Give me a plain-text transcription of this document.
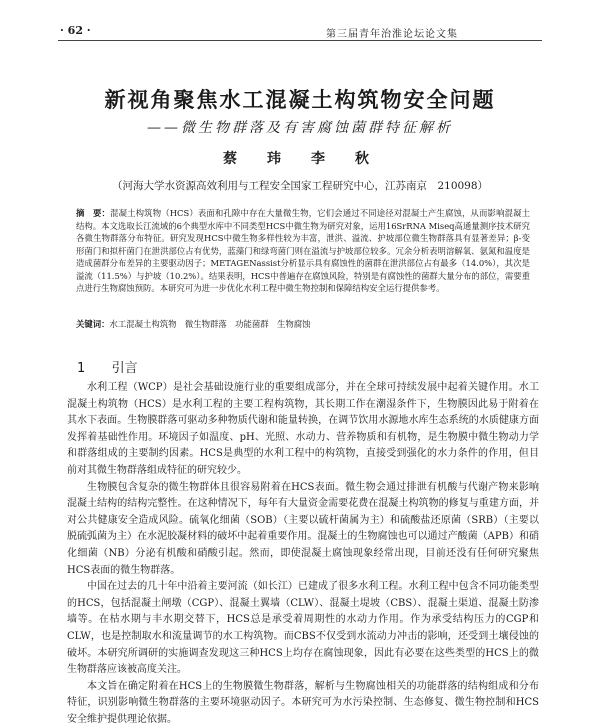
· 62 ·	第三届青年治淮论坛论文集
新视角聚焦水工混凝土构筑物安全问题
——微生物群落及有害腐蚀菌群特征解析
蔡　玮　李　秋
（河海大学水资源高效利用与工程安全国家工程研究中心，江苏南京　210098）
摘　要：混凝土构筑物（HCS）表面和孔隙中存在大量微生物，它们会通过不同途径对混凝土产生腐蚀，从而影响混凝土结构。本文选取长江流域的6个典型水库中不同类型HCS中微生物为研究对象，运用16SrRNA Miseq高通量测序技术研究各微生物群落分布特征。研究发现HCS中微生物多样性较为丰富，泄洪、溢流、护坡部位微生物群落具有显著差异；β-变形菌门和拟杆菌门在泄洪部位占有优势，蓝藻门和绿弯菌门则在溢流与护坡部位较多。冗余分析表明溶解氧、氨氮和温度是造成菌群分布差异的主要驱动因子；METAGENassist分析显示具有腐蚀性的菌群在泄洪部位占有最多（14.0%），其次是溢流（11.5%）与护坡（10.2%）。结果表明，HCS中普遍存在腐蚀风险，特别是有腐蚀性的菌群大量分布的部位，需要重点进行生物腐蚀预防。本研究可为进一步优化水利工程中微生物控制和保障结构安全运行提供参考。
关键词：水工混凝土构筑物　微生物群落　功能菌群　生物腐蚀
1 引言

水利工程（WCP）是社会基础设施行业的重要组成部分，并在全球可持续发展中起着关键作用。水工混凝土构筑物（HCS）是水利工程的主要工程构筑物，其长期工作在潮湿条件下，生物膜因此易于附着在其水下表面。生物膜群落可驱动多种物质代谢和能量转换，在调节饮用水源地水库生态系统的水质健康方面发挥着基础性作用。环境因子如温度、pH、光照、水动力、营养物质和有机物，是生物膜中微生物动力学和群落组成的主要制约因素。HCS是典型的水利工程中的构筑物，直接受到强化的水力条件的作用，但目前对其微生物群落组成特征的研究较少。

生物膜包含复杂的微生物群体且很容易附着在HCS表面。微生物会通过排泄有机酸与代谢产物来影响混凝土结构的结构完整性。在这种情况下，每年有大量资金需要花费在混凝土构筑物的修复与重建方面，并对公共健康安全造成风险。硫氧化细菌（SOB）（主要以硫杆菌属为主）和硫酸盐还原菌（SRB）（主要以脱硫弧菌为主）在水泥胶凝材料的破坏中起着重要作用。混凝土的生物腐蚀也可以通过产酸菌（APB）和硝化细菌（NB）分泌有机酸和硝酸引起。然而，即使混凝土腐蚀现象经常出现，目前还没有任何研究聚焦HCS表面的微生物群落。

中国在过去的几十年中沿着主要河流（如长江）已建成了很多水利工程。水利工程中包含不同功能类型的HCS，包括混凝土闸墩（CGP）、混凝土翼墙（CLW）、混凝土堤坡（CBS）、混凝土渠道、混凝土防渗墙等。在枯水期与丰水期交替下，HCS总是承受着周期性的水动力作用。作为承受结构压力的CGP和CLW，也是控制取水和流量调节的水工构筑物。而CBS不仅受到水流动力冲击的影响，还受到土壤侵蚀的破坏。本研究所调研的实施调查发现这三种HCS上均存在腐蚀现象，因此有必要在这些类型的HCS上的微生物群落应该被高度关注。

本文旨在确定附着在HCS上的生物膜微生物群落，解析与生物腐蚀相关的功能群落的结构组成和分布特征，识别影响微生物群落的主要环境驱动因子。本研究可为水污染控制、生态修复、微生物控制和HCS安全维护提供理论依据。
